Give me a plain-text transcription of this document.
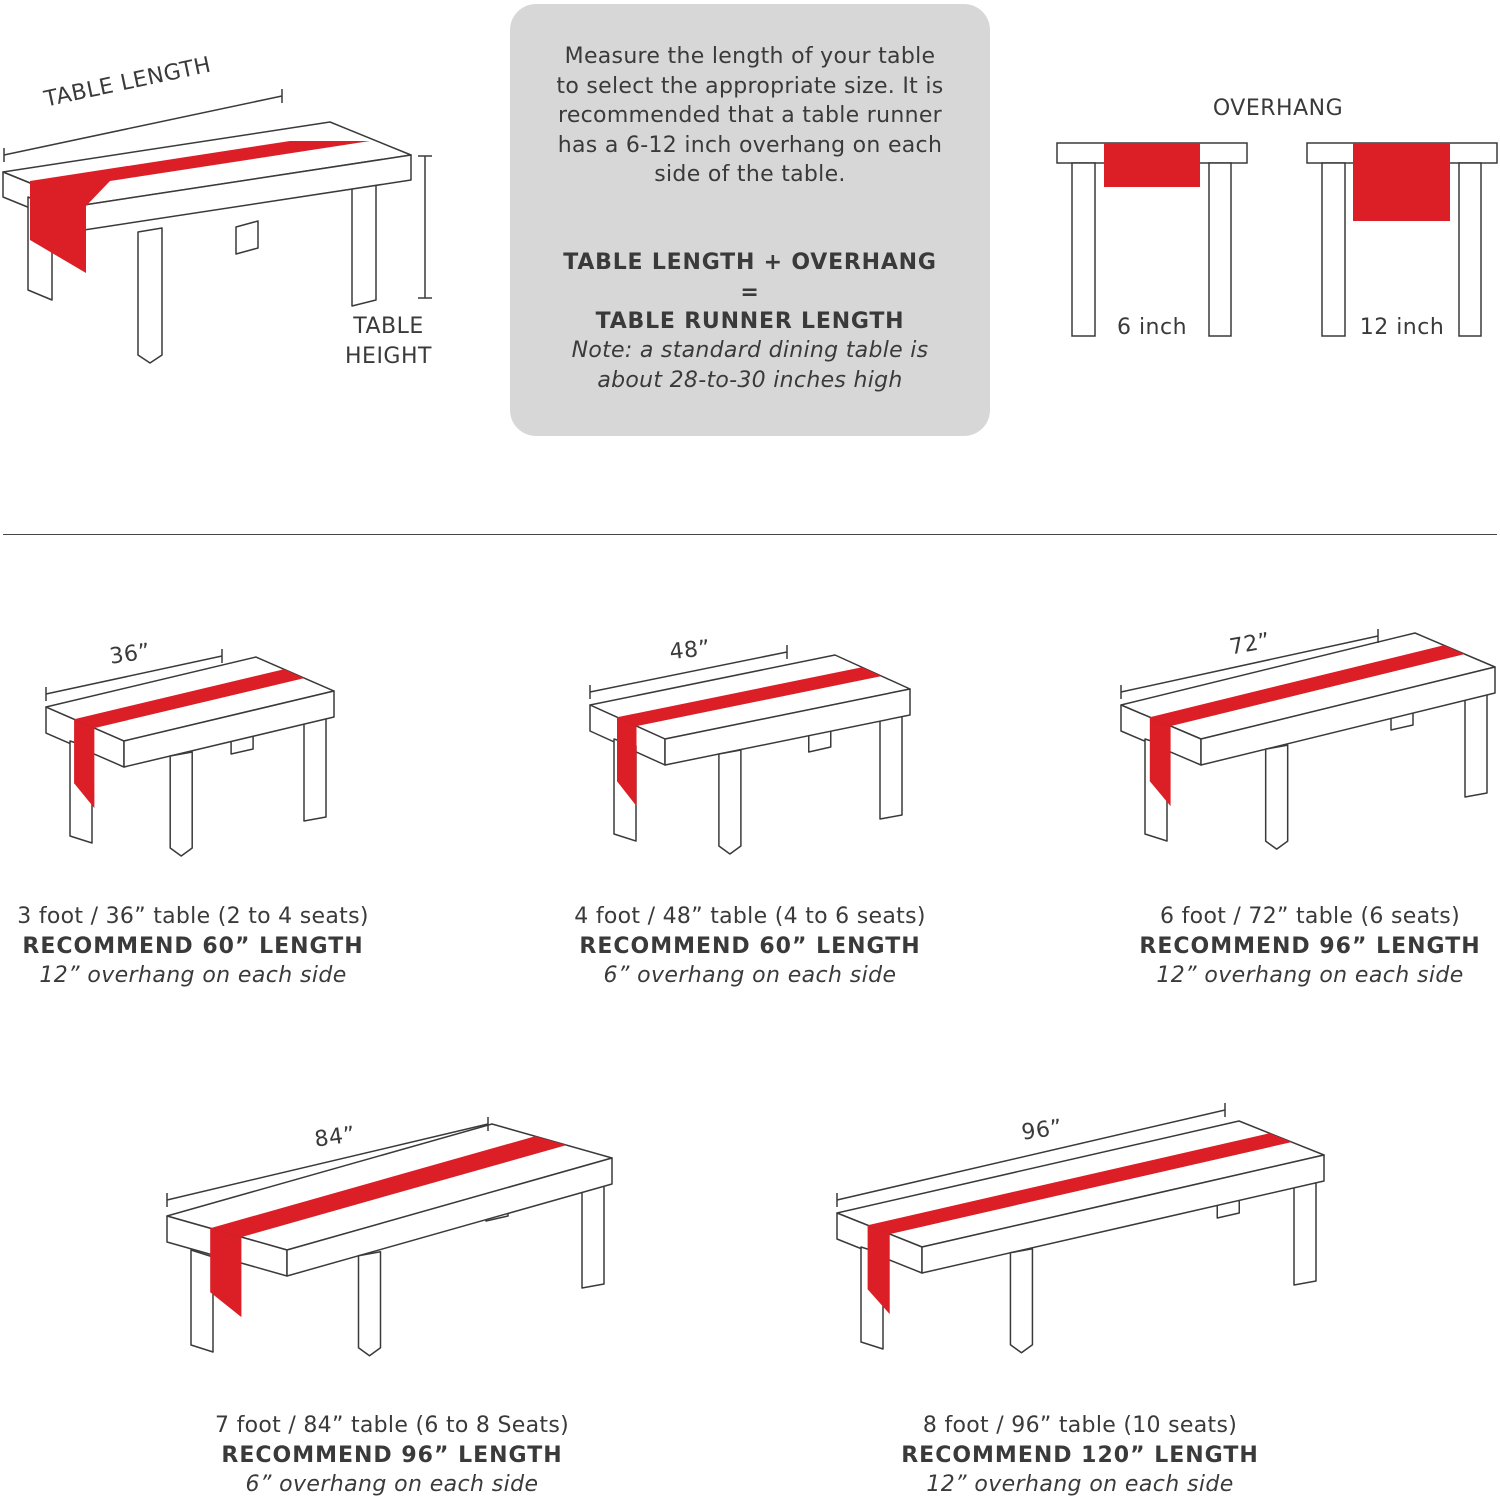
TABLE LENGTH
TABLE
HEIGHT
Measure the length of your table to select the appropriate size. It is recommended that a table runner has a 6-12 inch overhang on each side of the table.
TABLE LENGTH + OVERHANG =
TABLE RUNNER LENGTH
Note: a standard dining table is about 28-to-30 inches high
OVERHANG
6 inch	12 inch
36”	48”	72”
84”	96”
3 foot / 36” table (2 to 4 seats)
RECOMMEND 60” LENGTH
12” overhang on each side
4 foot / 48” table (4 to 6 seats)
RECOMMEND 60” LENGTH
6” overhang on each side
6 foot / 72” table (6 seats)
RECOMMEND 96” LENGTH
12” overhang on each side
7 foot / 84” table (6 to 8 Seats)
RECOMMEND 96” LENGTH
6” overhang on each side
8 foot / 96” table (10 seats)
RECOMMEND 120” LENGTH
12” overhang on each side
